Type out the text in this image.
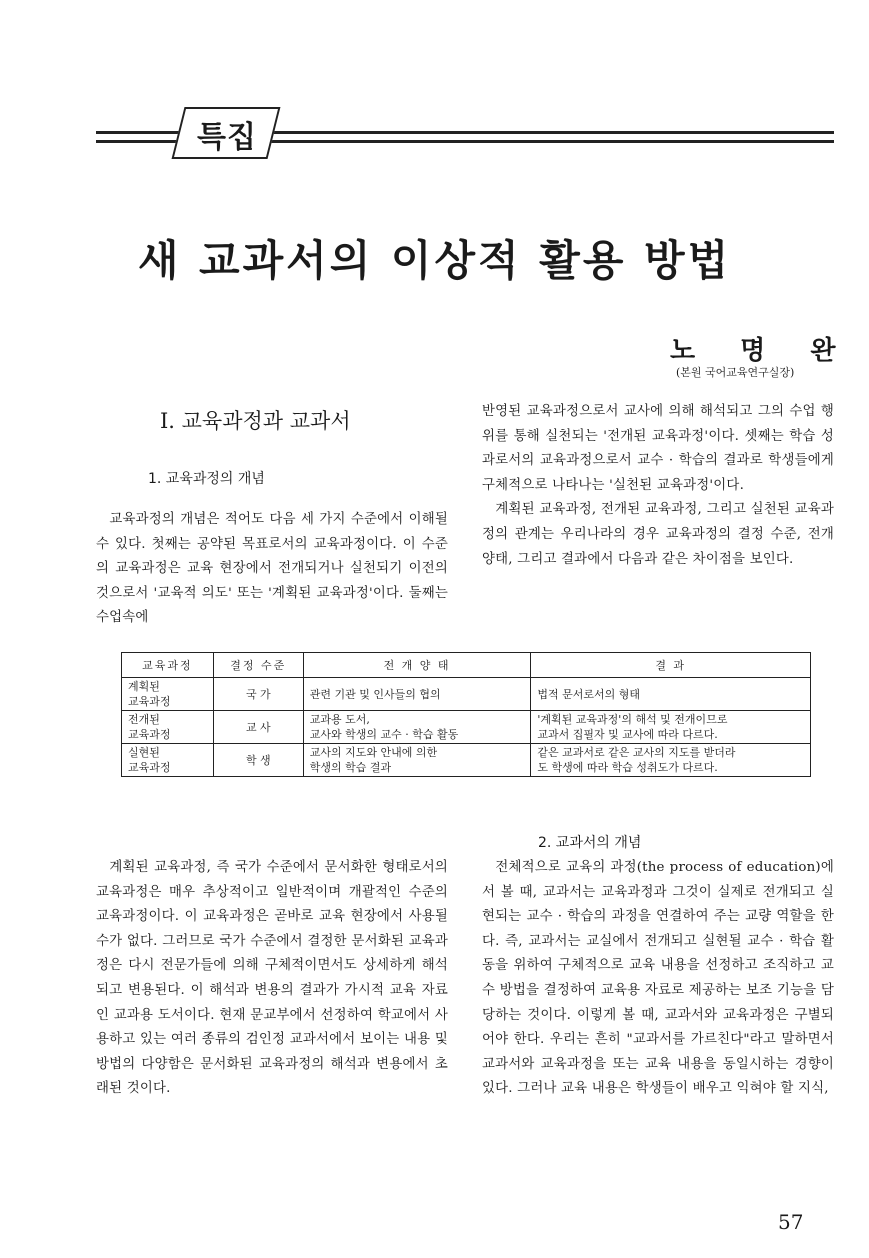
특집
새 교과서의 이상적 활용 방법
노 명 완
(본원 국어교육연구실장)
Ⅰ. 교육과정과 교과서
1. 교육과정의 개념

교육과정의 개념은 적어도 다음 세 가지 수준에서 이해될 수 있다. 첫째는 공약된 목표로서의 교육과정이다. 이 수준의 교육과정은 교육 현장에서 전개되거나 실천되기 이전의 것으로서 '교육적 의도' 또는 '계획된 교육과정'이다. 둘째는 수업속에

반영된 교육과정으로서 교사에 의해 해석되고 그의 수업 행위를 통해 실천되는 '전개된 교육과정'이다. 셋째는 학습 성과로서의 교육과정으로서 교수 · 학습의 결과로 학생들에게 구체적으로 나타나는 '실천된 교육과정'이다.

계획된 교육과정, 전개된 교육과정, 그리고 실천된 교육과정의 관계는 우리나라의 경우 교육과정의 결정 수준, 전개 양태, 그리고 결과에서 다음과 같은 차이점을 보인다.

교육과정	결정 수준	전 개 양 태	결 과
계획된
교육과정	국 가	관련 기관 및 인사들의 협의	법적 문서로서의 형태
전개된
교육과정	교 사	교과용 도서,
교사와 학생의 교수 · 학습 활동	'계획된 교육과정'의 해석 및 전개이므로
교과서 집필자 및 교사에 따라 다르다.
실현된
교육과정	학 생	교사의 지도와 안내에 의한
학생의 학습 결과	같은 교과서로 같은 교사의 지도를 받더라
도 학생에 따라 학습 성취도가 다르다.
2. 교과서의 개념

계획된 교육과정, 즉 국가 수준에서 문서화한 형태로서의 교육과정은 매우 추상적이고 일반적이며 개괄적인 수준의 교육과정이다. 이 교육과정은 곧바로 교육 현장에서 사용될 수가 없다. 그러므로 국가 수준에서 결정한 문서화된 교육과정은 다시 전문가들에 의해 구체적이면서도 상세하게 해석되고 변용된다. 이 해석과 변용의 결과가 가시적 교육 자료인 교과용 도서이다. 현재 문교부에서 선정하여 학교에서 사용하고 있는 여러 종류의 검인정 교과서에서 보이는 내용 및 방법의 다양함은 문서화된 교육과정의 해석과 변용에서 초래된 것이다.

전체적으로 교육의 과정(the process of education)에서 볼 때, 교과서는 교육과정과 그것이 실제로 전개되고 실현되는 교수 · 학습의 과정을 연결하여 주는 교량 역할을 한다. 즉, 교과서는 교실에서 전개되고 실현될 교수 · 학습 활동을 위하여 구체적으로 교육 내용을 선정하고 조직하고 교수 방법을 결정하여 교육용 자료로 제공하는 보조 기능을 담당하는 것이다. 이렇게 볼 때, 교과서와 교육과정은 구별되어야 한다. 우리는 흔히 "교과서를 가르친다"라고 말하면서 교과서와 교육과정을 또는 교육 내용을 동일시하는 경향이 있다. 그러나 교육 내용은 학생들이 배우고 익혀야 할 지식,

57
